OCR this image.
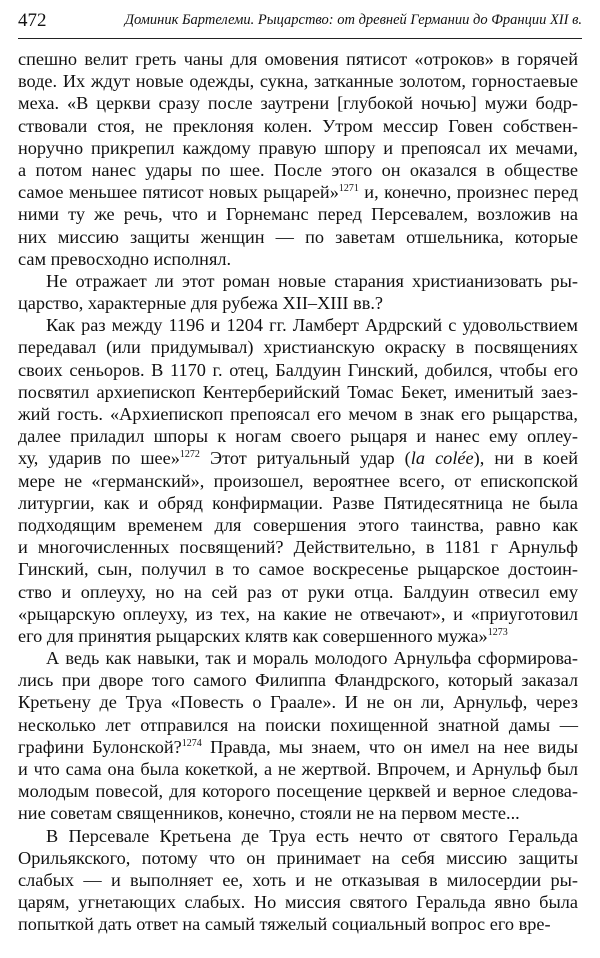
472	Доминик Бартелеми. Рыцарство: от древней Германии до Франции XII в.
спешно велит греть чаны для омовения пятисот «отроков» в горячей
воде. Их ждут новые одежды, сукна, затканные золотом, горностаевые
меха. «В церкви сразу после заутрени [глубокой ночью] мужи бодр-
ствовали стоя, не преклоняя колен. Утром мессир Говен собствен-
норучно прикрепил каждому правую шпору и препоясал их мечами,
а потом нанес удары по шее. После этого он оказался в обществе
самое меньшее пятисот новых рыцарей»$^{1271}$ и, конечно, произнес перед
ними ту же речь, что и Горнеманс перед Персевалем, возложив на
них миссию защиты женщин — по заветам отшельника, которые
сам превосходно исполнял.
Не отражает ли этот роман новые старания христианизовать ры-
царство, характерные для рубежа XII–XIII вв.?
Как раз между 1196 и 1204 гг. Ламберт Ардрский с удовольствием
передавал (или придумывал) христианскую окраску в посвящениях
своих сеньоров. В 1170 г. отец, Балдуин Гинский, добился, чтобы его
посвятил архиепископ Кентерберийский Томас Бекет, именитый заез-
жий гость. «Архиепископ препоясал его мечом в знак его рыцарства,
далее приладил шпоры к ногам своего рыцаря и нанес ему оплеу-
ху, ударив по шее»$^{1272}$ Этот ритуальный удар (la colée), ни в коей
мере не «германский», произошел, вероятнее всего, от епископской
литургии, как и обряд конфирмации. Разве Пятидесятница не была
подходящим временем для совершения этого таинства, равно как
и многочисленных посвящений? Действительно, в 1181 г Арнульф
Гинский, сын, получил в то самое воскресенье рыцарское достоин-
ство и оплеуху, но на сей раз от руки отца. Балдуин отвесил ему
«рыцарскую оплеуху, из тех, на какие не отвечают», и «приуготовил
его для принятия рыцарских клятв как совершенного мужа»$^{1273}$
А ведь как навыки, так и мораль молодого Арнульфа сформирова-
лись при дворе того самого Филиппа Фландрского, который заказал
Кретьену де Труа «Повесть о Граале». И не он ли, Арнульф, через
несколько лет отправился на поиски похищенной знатной дамы —
графини Булонской?$^{1274}$ Правда, мы знаем, что он имел на нее виды
и что сама она была кокеткой, а не жертвой. Впрочем, и Арнульф был
молодым повесой, для которого посещение церквей и верное следова-
ние советам священников, конечно, стояли не на первом месте...
В Персевале Кретьена де Труа есть нечто от святого Геральда
Орильякского, потому что он принимает на себя миссию защиты
слабых — и выполняет ее, хоть и не отказывая в милосердии ры-
царям, угнетающих слабых. Но миссия святого Геральда явно была
попыткой дать ответ на самый тяжелый социальный вопрос его вре-
